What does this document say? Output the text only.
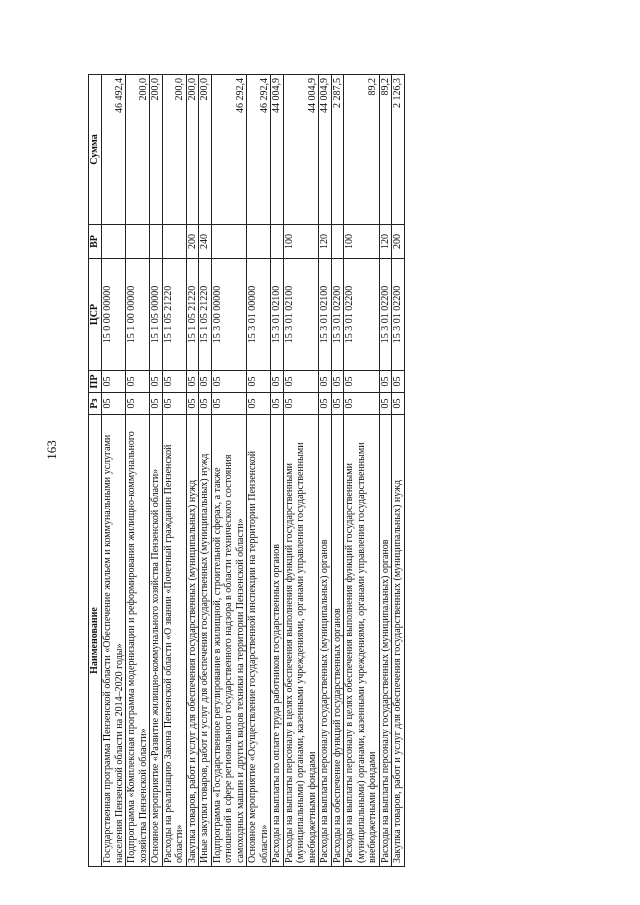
163
Наименование	Рз	ПР	ЦСР	ВР	Сумма
Государственная программа Пензенской области «Обеспечение жильем и коммунальными услугами населения Пензенской области на 2014–2020 годы»	05	05	15 0 00 00000		46 492,4
Подпрограмма «Комплексная программа модернизации и реформирования жилищно-коммунального хозяйства Пензенской области»	05	05	15 1 00 00000		200,0
Основное мероприятие «Развитие жилищно-коммунального хозяйства Пензенской области»	05	05	15 1 05 00000		200,0
Расходы на реализацию Закона Пензенской области «О звании «Почетный гражданин Пензенской области»	05	05	15 1 05 21220		200,0
Закупка товаров, работ и услуг для обеспечения государственных (муниципальных) нужд	05	05	15 1 05 21220	200	200,0
Иные закупки товаров, работ и услуг для обеспечения государственных (муниципальных) нужд	05	05	15 1 05 21220	240	200,0
Подпрограмма «Государственное регулирование в жилищной, строительной сферах, а также отношений в сфере регионального государственного надзора в области технического состояния самоходных машин и других видов техники на территории Пензенской области»	05	05	15 3 00 00000		46 292,4
Основное мероприятие «Осуществление государственной инспекции на территории Пензенской области»	05	05	15 3 01 00000		46 292,4
Расходы на выплаты по оплате труда работников государственных органов	05	05	15 3 01 02100		44 004,9
Расходы на выплаты персоналу в целях обеспечения выполнения функций государственными (муниципальными) органами, казенными учреждениями, органами управления государственными внебюджетными фондами	05	05	15 3 01 02100	100	44 004,9
Расходы на выплаты персоналу государственных (муниципальных) органов	05	05	15 3 01 02100	120	44 004,9
Расходы на обеспечение функций государственных органов	05	05	15 3 01 02200		2 287,5
Расходы на выплаты персоналу в целях обеспечения выполнения функций государственными (муниципальными) органами, казенными учреждениями, органами управления государственными внебюджетными фондами	05	05	15 3 01 02200	100	89,2
Расходы на выплаты персоналу государственных (муниципальных) органов	05	05	15 3 01 02200	120	89,2
Закупка товаров, работ и услуг для обеспечения государственных (муниципальных) нужд	05	05	15 3 01 02200	200	2 126,3
